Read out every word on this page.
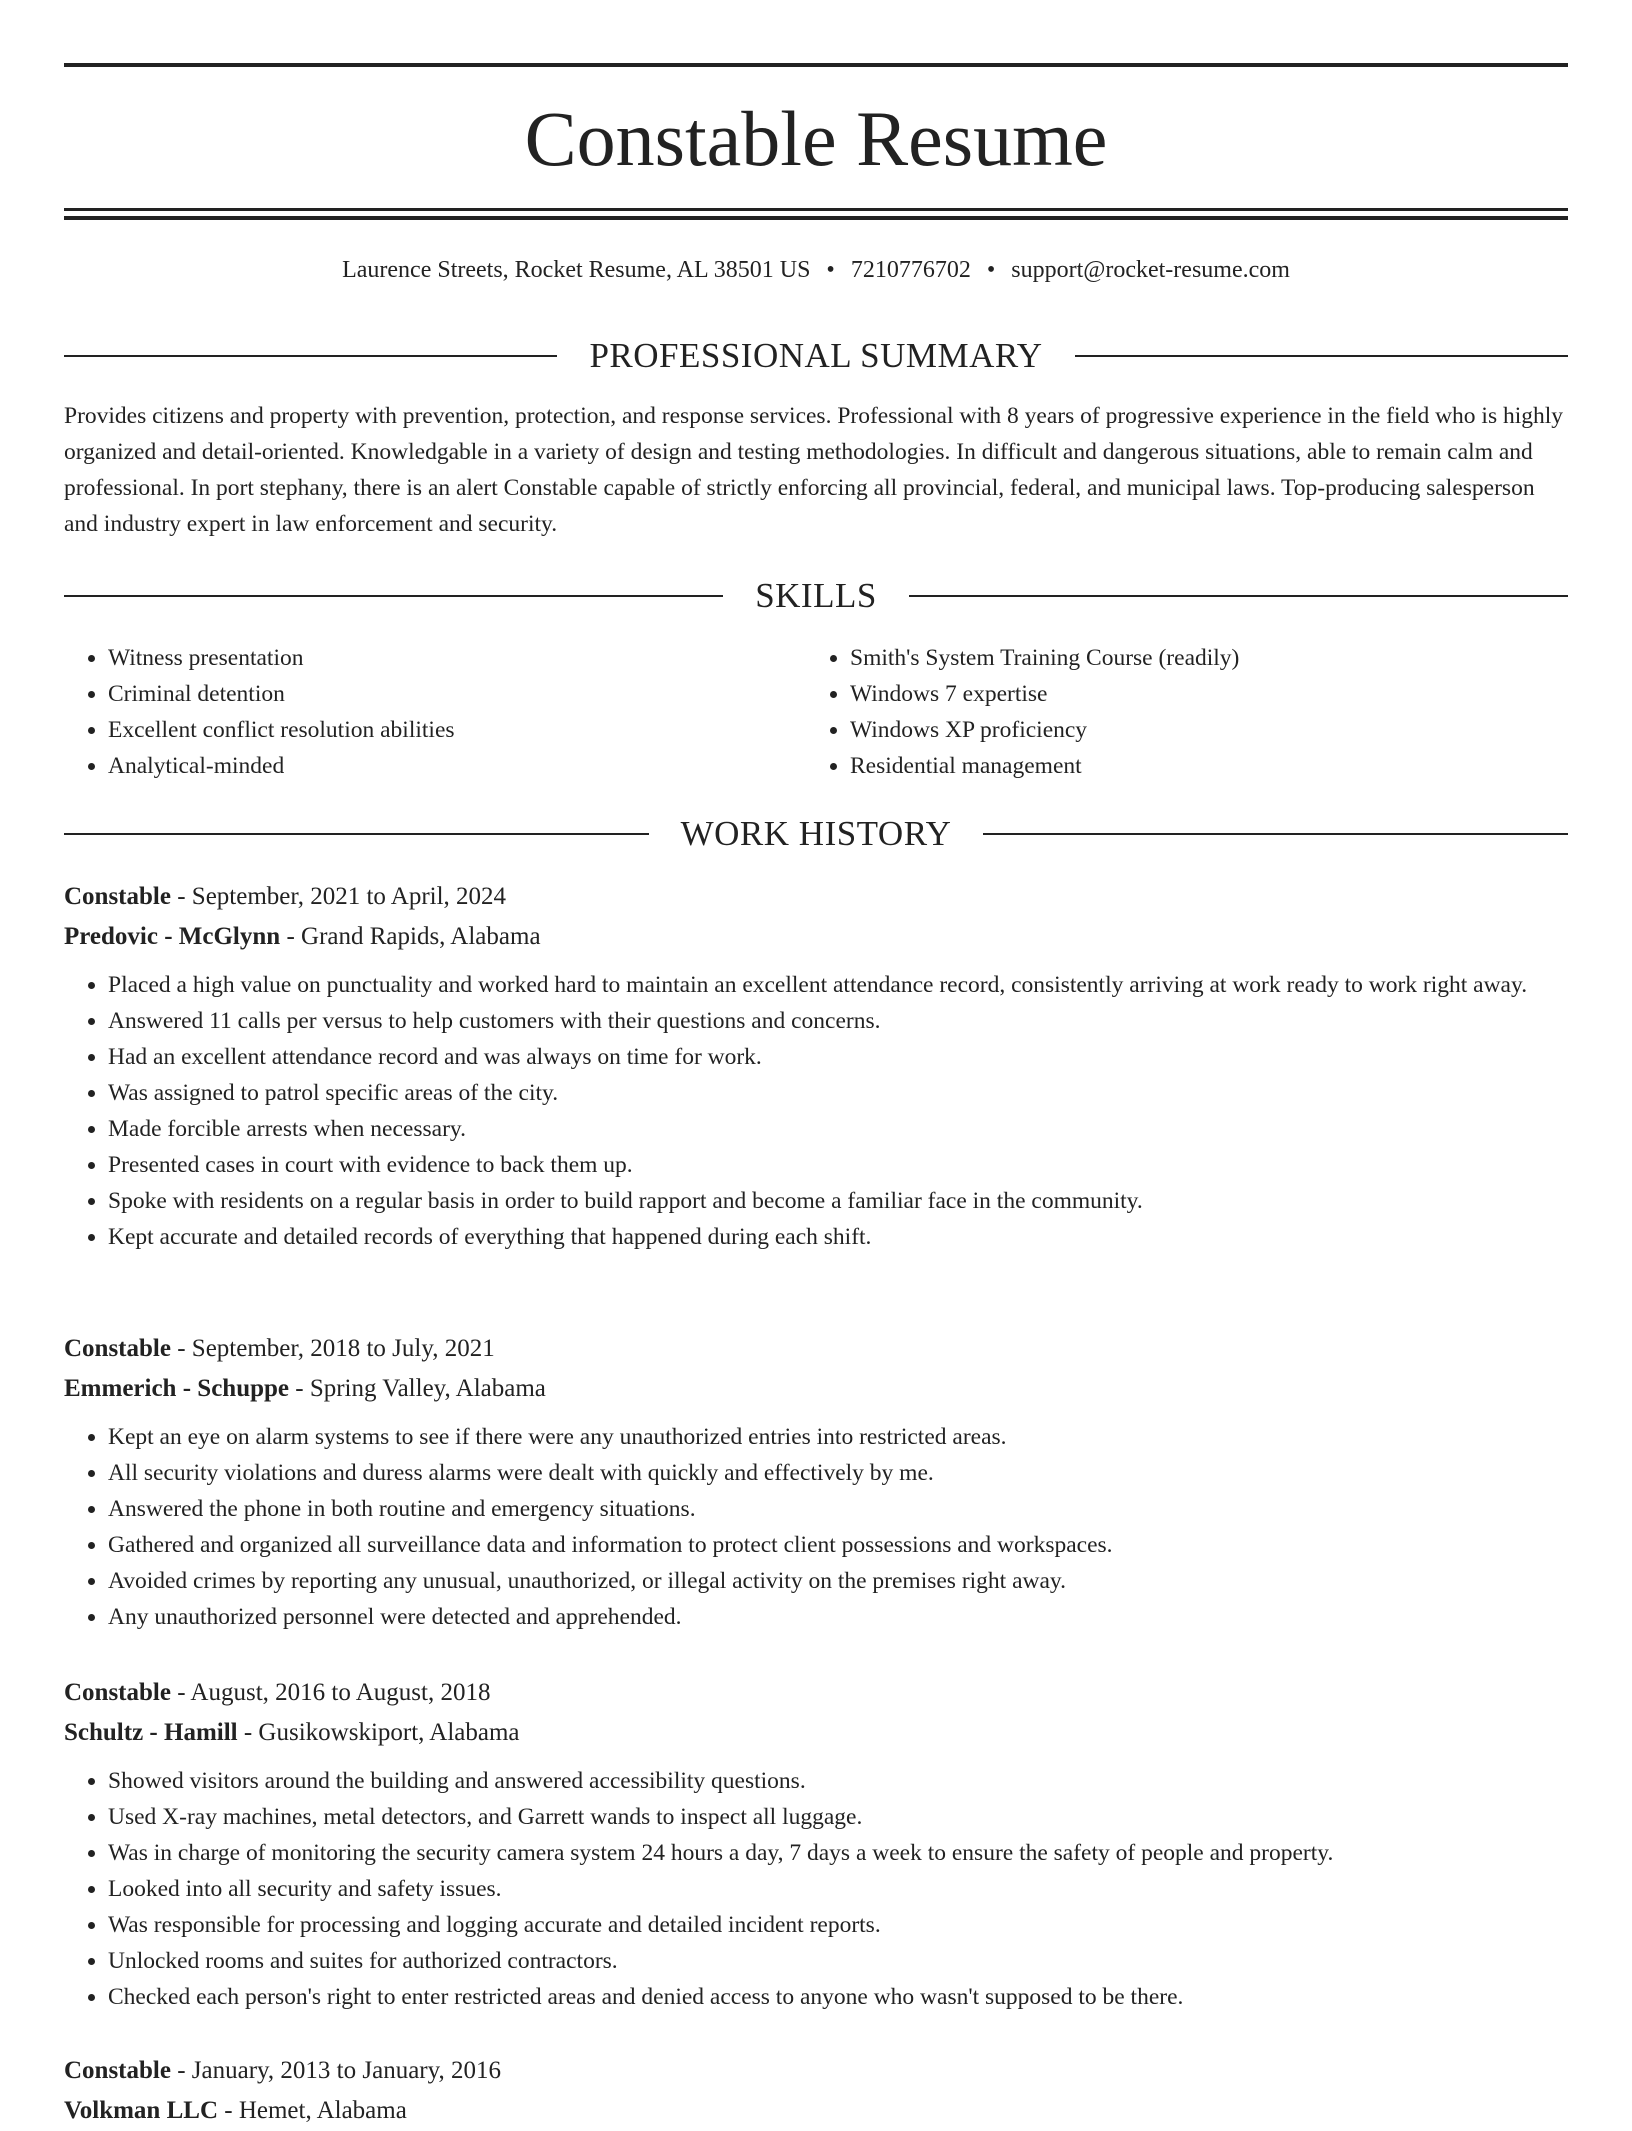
Constable Resume
Laurence Streets, Rocket Resume, AL 38501 US • 7210776702 • support@rocket-resume.com
PROFESSIONAL SUMMARY

Provides citizens and property with prevention, protection, and response services. Professional with 8 years of progressive experience in the field who is highly organized and detail-oriented. Knowledgable in a variety of design and testing methodologies. In difficult and dangerous situations, able to remain calm and professional. In port stephany, there is an alert Constable capable of strictly enforcing all provincial, federal, and municipal laws. Top-producing salesperson and industry expert in law enforcement and security.

SKILLS
• Witness presentation
• Criminal detention
• Excellent conflict resolution abilities
• Analytical-minded
• Smith's System Training Course (readily)
• Windows 7 expertise
• Windows XP proficiency
• Residential management
WORK HISTORY
Constable - September, 2021 to April, 2024
Predovic - McGlynn - Grand Rapids, Alabama
• Placed a high value on punctuality and worked hard to maintain an excellent attendance record, consistently arriving at work ready to work right away.
• Answered 11 calls per versus to help customers with their questions and concerns.
• Had an excellent attendance record and was always on time for work.
• Was assigned to patrol specific areas of the city.
• Made forcible arrests when necessary.
• Presented cases in court with evidence to back them up.
• Spoke with residents on a regular basis in order to build rapport and become a familiar face in the community.
• Kept accurate and detailed records of everything that happened during each shift.
Constable - September, 2018 to July, 2021
Emmerich - Schuppe - Spring Valley, Alabama
• Kept an eye on alarm systems to see if there were any unauthorized entries into restricted areas.
• All security violations and duress alarms were dealt with quickly and effectively by me.
• Answered the phone in both routine and emergency situations.
• Gathered and organized all surveillance data and information to protect client possessions and workspaces.
• Avoided crimes by reporting any unusual, unauthorized, or illegal activity on the premises right away.
• Any unauthorized personnel were detected and apprehended.
Constable - August, 2016 to August, 2018
Schultz - Hamill - Gusikowskiport, Alabama
• Showed visitors around the building and answered accessibility questions.
• Used X-ray machines, metal detectors, and Garrett wands to inspect all luggage.
• Was in charge of monitoring the security camera system 24 hours a day, 7 days a week to ensure the safety of people and property.
• Looked into all security and safety issues.
• Was responsible for processing and logging accurate and detailed incident reports.
• Unlocked rooms and suites for authorized contractors.
• Checked each person's right to enter restricted areas and denied access to anyone who wasn't supposed to be there.
Constable - January, 2013 to January, 2016
Volkman LLC - Hemet, Alabama
